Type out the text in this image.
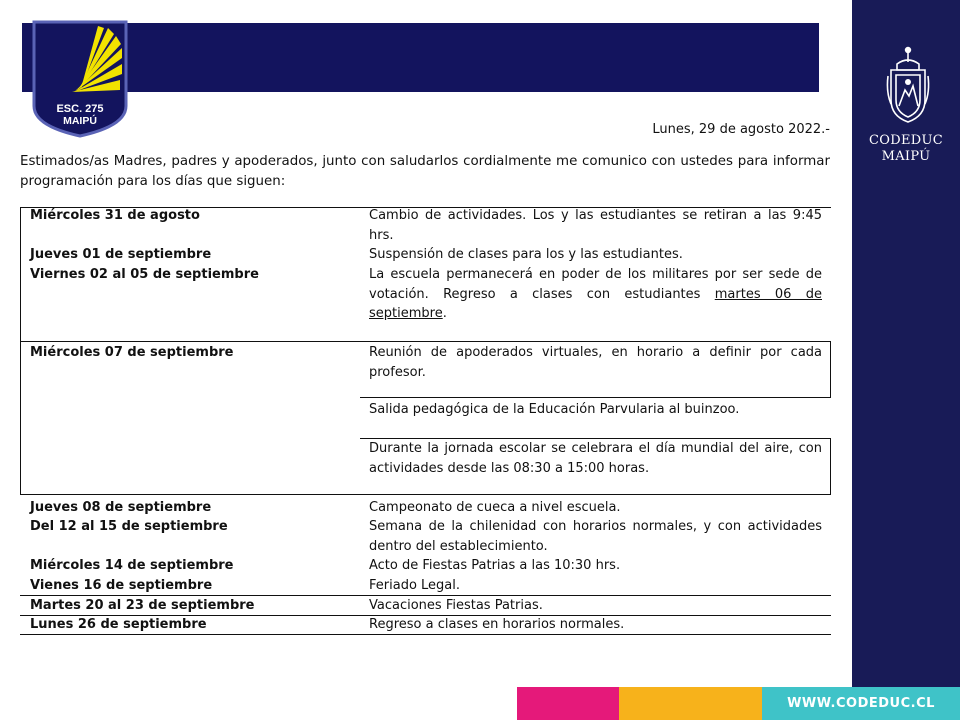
G. RIESCO E.
ESC. 275
MAIPÚ
CODEDUC
MAIPÚ
Lunes, 29 de agosto 2022.-
Estimados/as Madres, padres y apoderados, junto con saludarlos cordialmente me comunico con ustedes para informar programación para los días que siguen:
Miércoles 31 de agosto	Cambio de actividades. Los y las estudiantes se retiran a las 9:45 hrs.
Jueves 01 de septiembre	Suspensión de clases para los y las estudiantes.
Viernes 02 al 05 de septiembre	La escuela permanecerá en poder de los militares por ser sede de votación. Regreso a clases con estudiantes martes 06 de septiembre.
Miércoles 07 de septiembre	Reunión de apoderados virtuales, en horario a definir por cada profesor.
Salida pedagógica de la Educación Parvularia al buinzoo.
Durante la jornada escolar se celebrara el día mundial del aire, con actividades desde las 08:30 a 15:00 horas.
Jueves 08 de septiembre	Campeonato de cueca a nivel escuela.
Del 12 al 15 de septiembre	Semana de la chilenidad con horarios normales, y con actividades dentro del establecimiento.
Miércoles 14 de septiembre	Acto de Fiestas Patrias a las 10:30 hrs.
Vienes 16 de septiembre	Feriado Legal.
Martes 20 al 23 de septiembre	Vacaciones Fiestas Patrias.
Lunes 26 de septiembre	Regreso a clases en horarios normales.
WWW.CODEDUC.CL
